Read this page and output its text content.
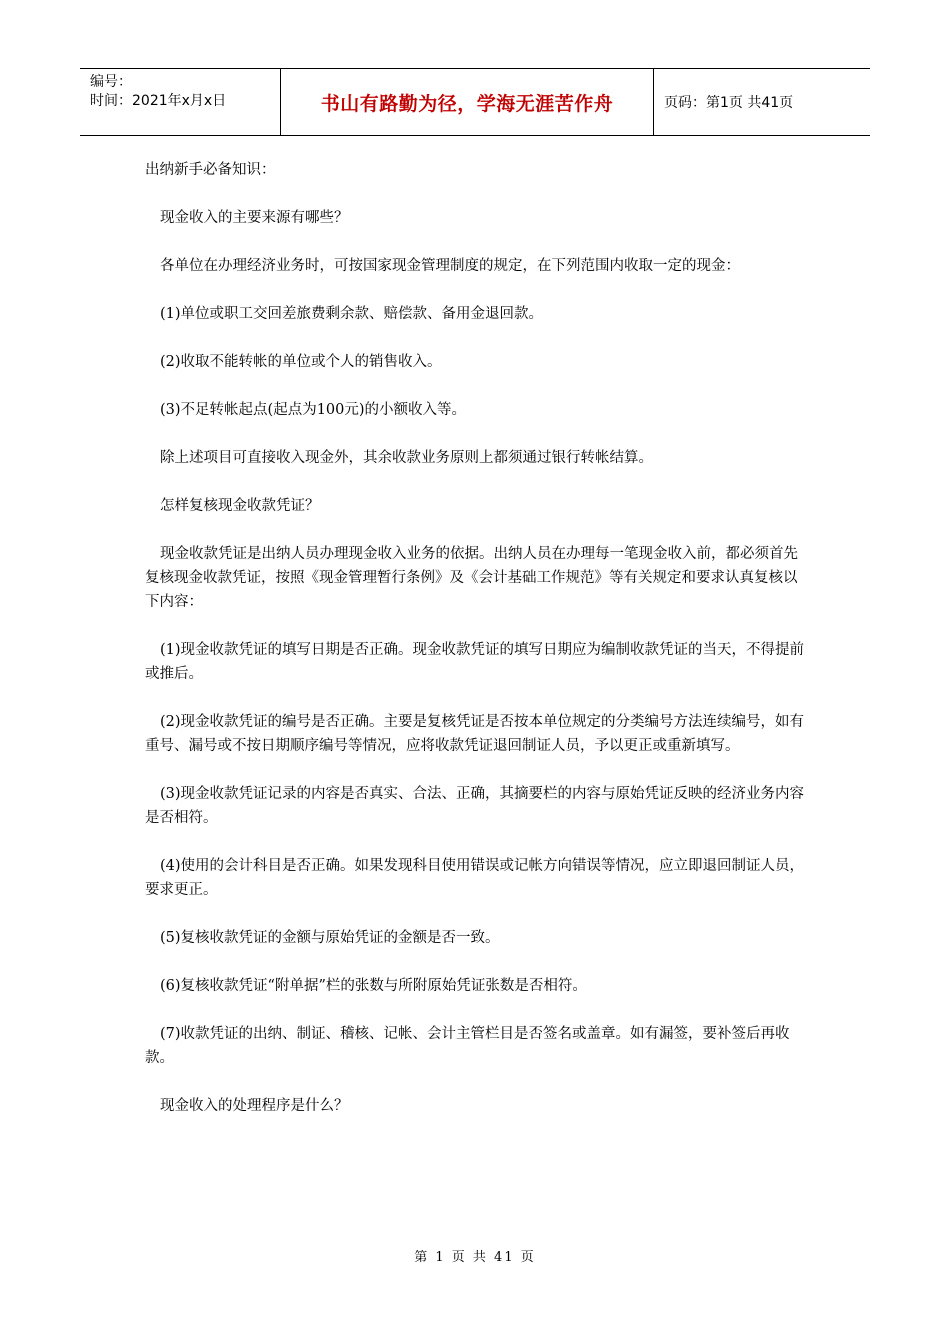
编号：
时间：2021年x月x日	书山有路勤为径，学海无涯苦作舟	页码：第1页 共41页

出纳新手必备知识：

现金收入的主要来源有哪些？

各单位在办理经济业务时，可按国家现金管理制度的规定，在下列范围内收取一定的现金：

(1)单位或职工交回差旅费剩余款、赔偿款、备用金退回款。

(2)收取不能转帐的单位或个人的销售收入。

(3)不足转帐起点(起点为100元)的小额收入等。

除上述项目可直接收入现金外，其余收款业务原则上都须通过银行转帐结算。

怎样复核现金收款凭证？

现金收款凭证是出纳人员办理现金收入业务的依据。出纳人员在办理每一笔现金收入前，都必须首先复核现金收款凭证，按照《现金管理暂行条例》及《会计基础工作规范》等有关规定和要求认真复核以下内容：

(1)现金收款凭证的填写日期是否正确。现金收款凭证的填写日期应为编制收款凭证的当天，不得提前或推后。

(2)现金收款凭证的编号是否正确。主要是复核凭证是否按本单位规定的分类编号方法连续编号，如有重号、漏号或不按日期顺序编号等情况，应将收款凭证退回制证人员，予以更正或重新填写。

(3)现金收款凭证记录的内容是否真实、合法、正确，其摘要栏的内容与原始凭证反映的经济业务内容是否相符。

(4)使用的会计科目是否正确。如果发现科目使用错误或记帐方向错误等情况，应立即退回制证人员，要求更正。

(5)复核收款凭证的金额与原始凭证的金额是否一致。

(6)复核收款凭证“附单据”栏的张数与所附原始凭证张数是否相符。

(7)收款凭证的出纳、制证、稽核、记帐、会计主管栏目是否签名或盖章。如有漏签，要补签后再收款。

现金收入的处理程序是什么？

第 1 页 共 41 页
